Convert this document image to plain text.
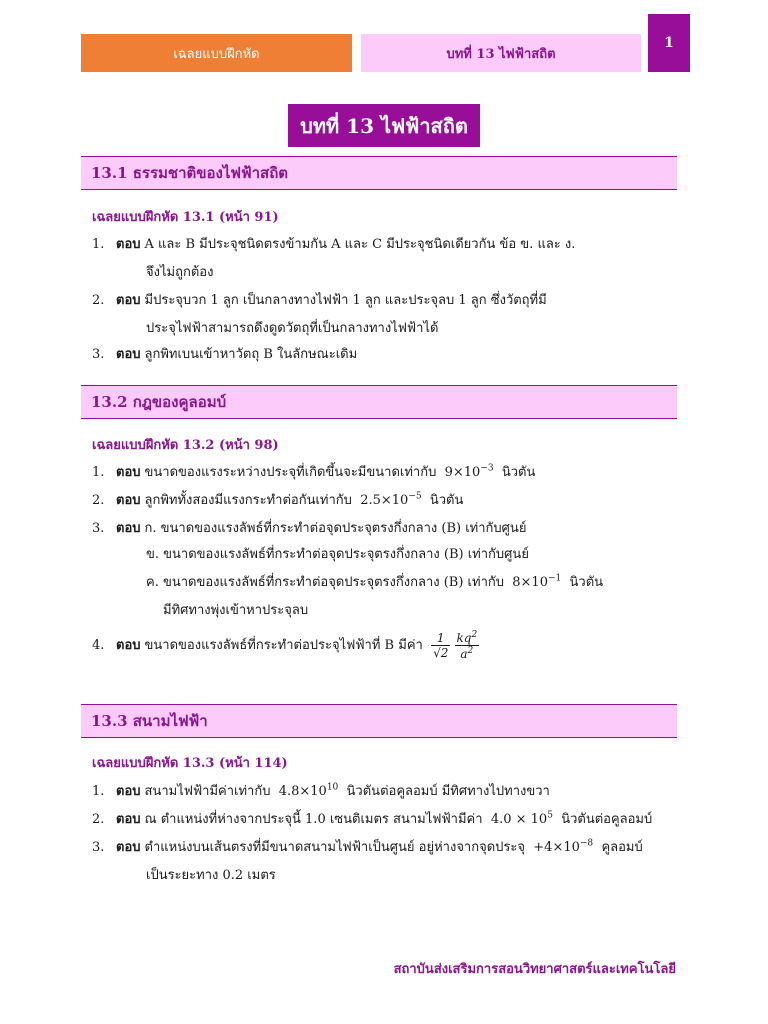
เฉลยแบบฝึกหัด	บทที่ 13 ไฟฟ้าสถิต
1
บทที่ 13 ไฟฟ้าสถิต
13.1 ธรรมชาติของไฟฟ้าสถิต
เฉลยแบบฝึกหัด 13.1 (หน้า 91)
1. ตอบ A และ B มีประจุชนิดตรงข้ามกัน A และ C มีประจุชนิดเดียวกัน ข้อ ข. และ ง.
จึงไม่ถูกต้อง
2. ตอบ มีประจุบวก 1 ลูก เป็นกลางทางไฟฟ้า 1 ลูก และประจุลบ 1 ลูก ซึ่งวัตถุที่มี
ประจุไฟฟ้าสามารถดึงดูดวัตถุที่เป็นกลางทางไฟฟ้าได้
3. ตอบ ลูกพิทเบนเข้าหาวัตถุ B ในลักษณะเดิม
13.2 กฎของคูลอมบ์
เฉลยแบบฝึกหัด 13.2 (หน้า 98)
1. ตอบ ขนาดของแรงระหว่างประจุที่เกิดขึ้นจะมีขนาดเท่ากับ $9\times 10^{-3}$ นิวตัน
2. ตอบ ลูกพิททั้งสองมีแรงกระทำต่อกันเท่ากับ $2.5\times 10^{-5}$ นิวตัน
3. ตอบ ก. ขนาดของแรงลัพธ์ที่กระทำต่อจุดประจุตรงกึ่งกลาง (B) เท่ากับศูนย์
ข. ขนาดของแรงลัพธ์ที่กระทำต่อจุดประจุตรงกึ่งกลาง (B) เท่ากับศูนย์
ค. ขนาดของแรงลัพธ์ที่กระทำต่อจุดประจุตรงกึ่งกลาง (B) เท่ากับ $8\times 10^{-1}$ นิวตัน
มีทิศทางพุ่งเข้าหาประจุลบ
4. ตอบ ขนาดของแรงลัพธ์ที่กระทำต่อประจุไฟฟ้าที่ B มีค่า $\frac{1}{√2}$
$\frac{kq^2}{a^2}$
13.3 สนามไฟฟ้า
เฉลยแบบฝึกหัด 13.3 (หน้า 114)
1. ตอบ สนามไฟฟ้ามีค่าเท่ากับ $4.8\times 10^{10}$ นิวตันต่อคูลอมบ์ มีทิศทางไปทางขวา
2. ตอบ ณ ตำแหน่งที่ห่างจากประจุนี้ 1.0 เซนติเมตร สนามไฟฟ้ามีค่า $4.0 \times 10^5$ นิวตันต่อคูลอมบ์
3. ตอบ ตำแหน่งบนเส้นตรงที่มีขนาดสนามไฟฟ้าเป็นศูนย์ อยู่ห่างจากจุดประจุ $+4\times 10^{-8}$ คูลอมบ์
เป็นระยะทาง 0.2 เมตร
สถาบันส่งเสริมการสอนวิทยาศาสตร์และเทคโนโลยี
